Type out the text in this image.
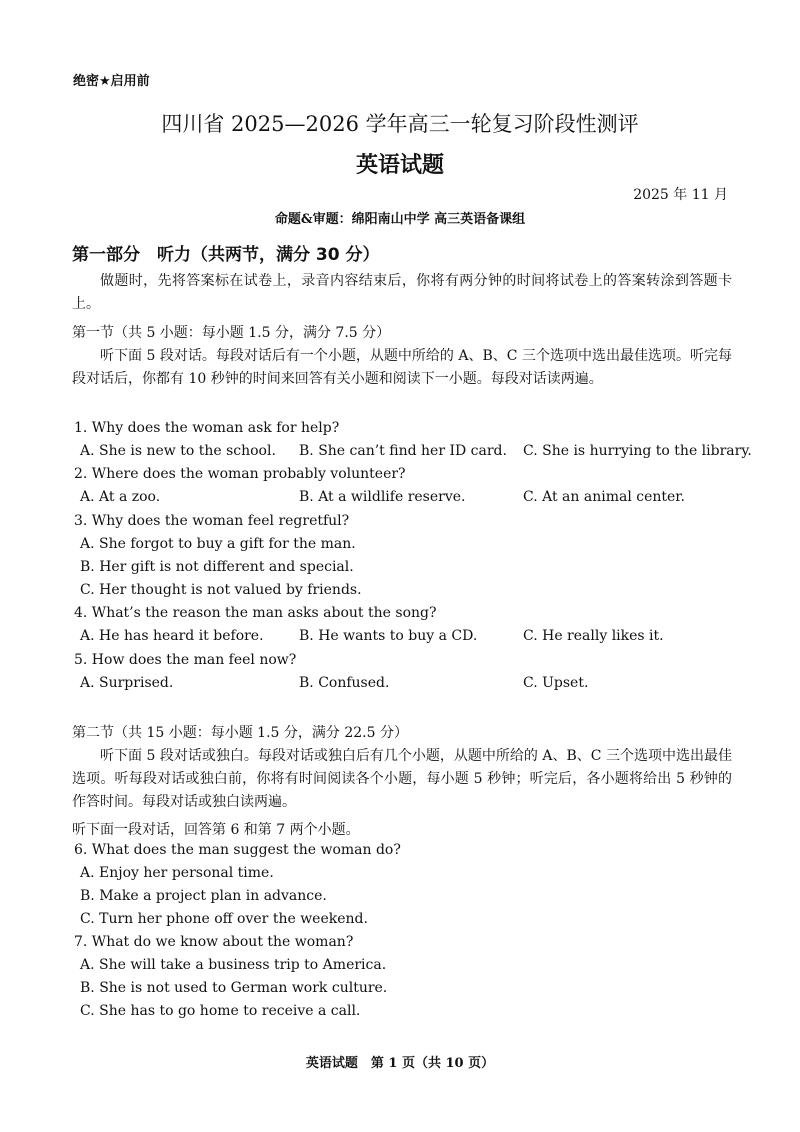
绝密★启用前
四川省 2025—2026 学年高三一轮复习阶段性测评
英语试题
2025 年 11 月
命题&审题：绵阳南山中学 高三英语备课组
第一部分　听力（共两节，满分 30 分）
做题时，先将答案标在试卷上，录音内容结束后，你将有两分钟的时间将试卷上的答案转涂到答题卡上。
第一节（共 5 小题：每小题 1.5 分，满分 7.5 分）
听下面 5 段对话。每段对话后有一个小题，从题中所给的 A、B、C 三个选项中选出最佳选项。听完每段对话后，你都有 10 秒钟的时间来回答有关小题和阅读下一小题。每段对话读两遍。
1. Why does the woman ask for help?
A. She is new to the school. B. She can’t find her ID card. C. She is hurrying to the library.
2. Where does the woman probably volunteer?
A. At a zoo.	B. At a wildlife reserve.	C. At an animal center.
3. Why does the woman feel regretful?
A. She forgot to buy a gift for the man.
B. Her gift is not different and special.
C. Her thought is not valued by friends.
4. What’s the reason the man asks about the song?
A. He has heard it before.	B. He wants to buy a CD.	C. He really likes it.
5. How does the man feel now?
A. Surprised.	B. Confused.	C. Upset.
第二节（共 15 小题：每小题 1.5 分，满分 22.5 分）
听下面 5 段对话或独白。每段对话或独白后有几个小题，从题中所给的 A、B、C 三个选项中选出最佳选项。听每段对话或独白前，你将有时间阅读各个小题，每小题 5 秒钟；听完后，各小题将给出 5 秒钟的作答时间。每段对话或独白读两遍。
听下面一段对话，回答第 6 和第 7 两个小题。
6. What does the man suggest the woman do?
A. Enjoy her personal time.
B. Make a project plan in advance.
C. Turn her phone off over the weekend.
7. What do we know about the woman?
A. She will take a business trip to America.
B. She is not used to German work culture.
C. She has to go home to receive a call.
英语试题　第 1 页（共 10 页）
